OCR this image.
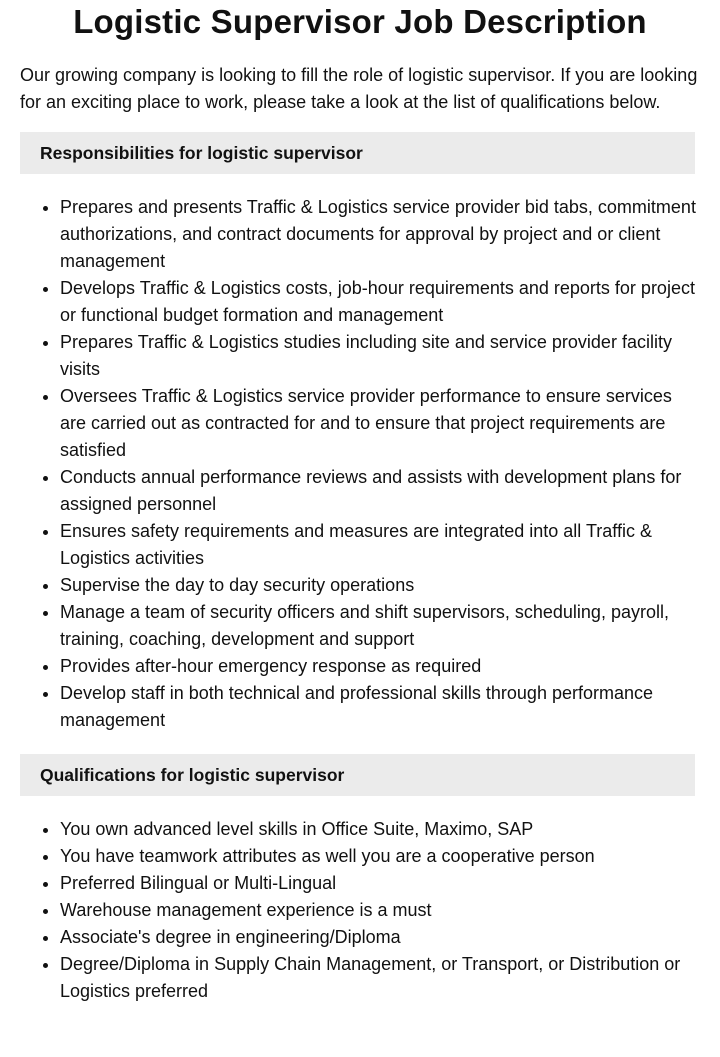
Logistic Supervisor Job Description

Our growing company is looking to fill the role of logistic supervisor. If you are looking for an exciting place to work, please take a look at the list of qualifications below.

Responsibilities for logistic supervisor
• Prepares and presents Traffic & Logistics service provider bid tabs, commitment authorizations, and contract documents for approval by project and or client management
• Develops Traffic & Logistics costs, job-hour requirements and reports for project or functional budget formation and management
• Prepares Traffic & Logistics studies including site and service provider facility visits
• Oversees Traffic & Logistics service provider performance to ensure services are carried out as contracted for and to ensure that project requirements are satisfied
• Conducts annual performance reviews and assists with development plans for assigned personnel
• Ensures safety requirements and measures are integrated into all Traffic & Logistics activities
• Supervise the day to day security operations
• Manage a team of security officers and shift supervisors, scheduling, payroll, training, coaching, development and support
• Provides after-hour emergency response as required
• Develop staff in both technical and professional skills through performance management
Qualifications for logistic supervisor
• You own advanced level skills in Office Suite, Maximo, SAP
• You have teamwork attributes as well you are a cooperative person
• Preferred Bilingual or Multi-Lingual
• Warehouse management experience is a must
• Associate's degree in engineering/Diploma
• Degree/Diploma in Supply Chain Management, or Transport, or Distribution or Logistics preferred
